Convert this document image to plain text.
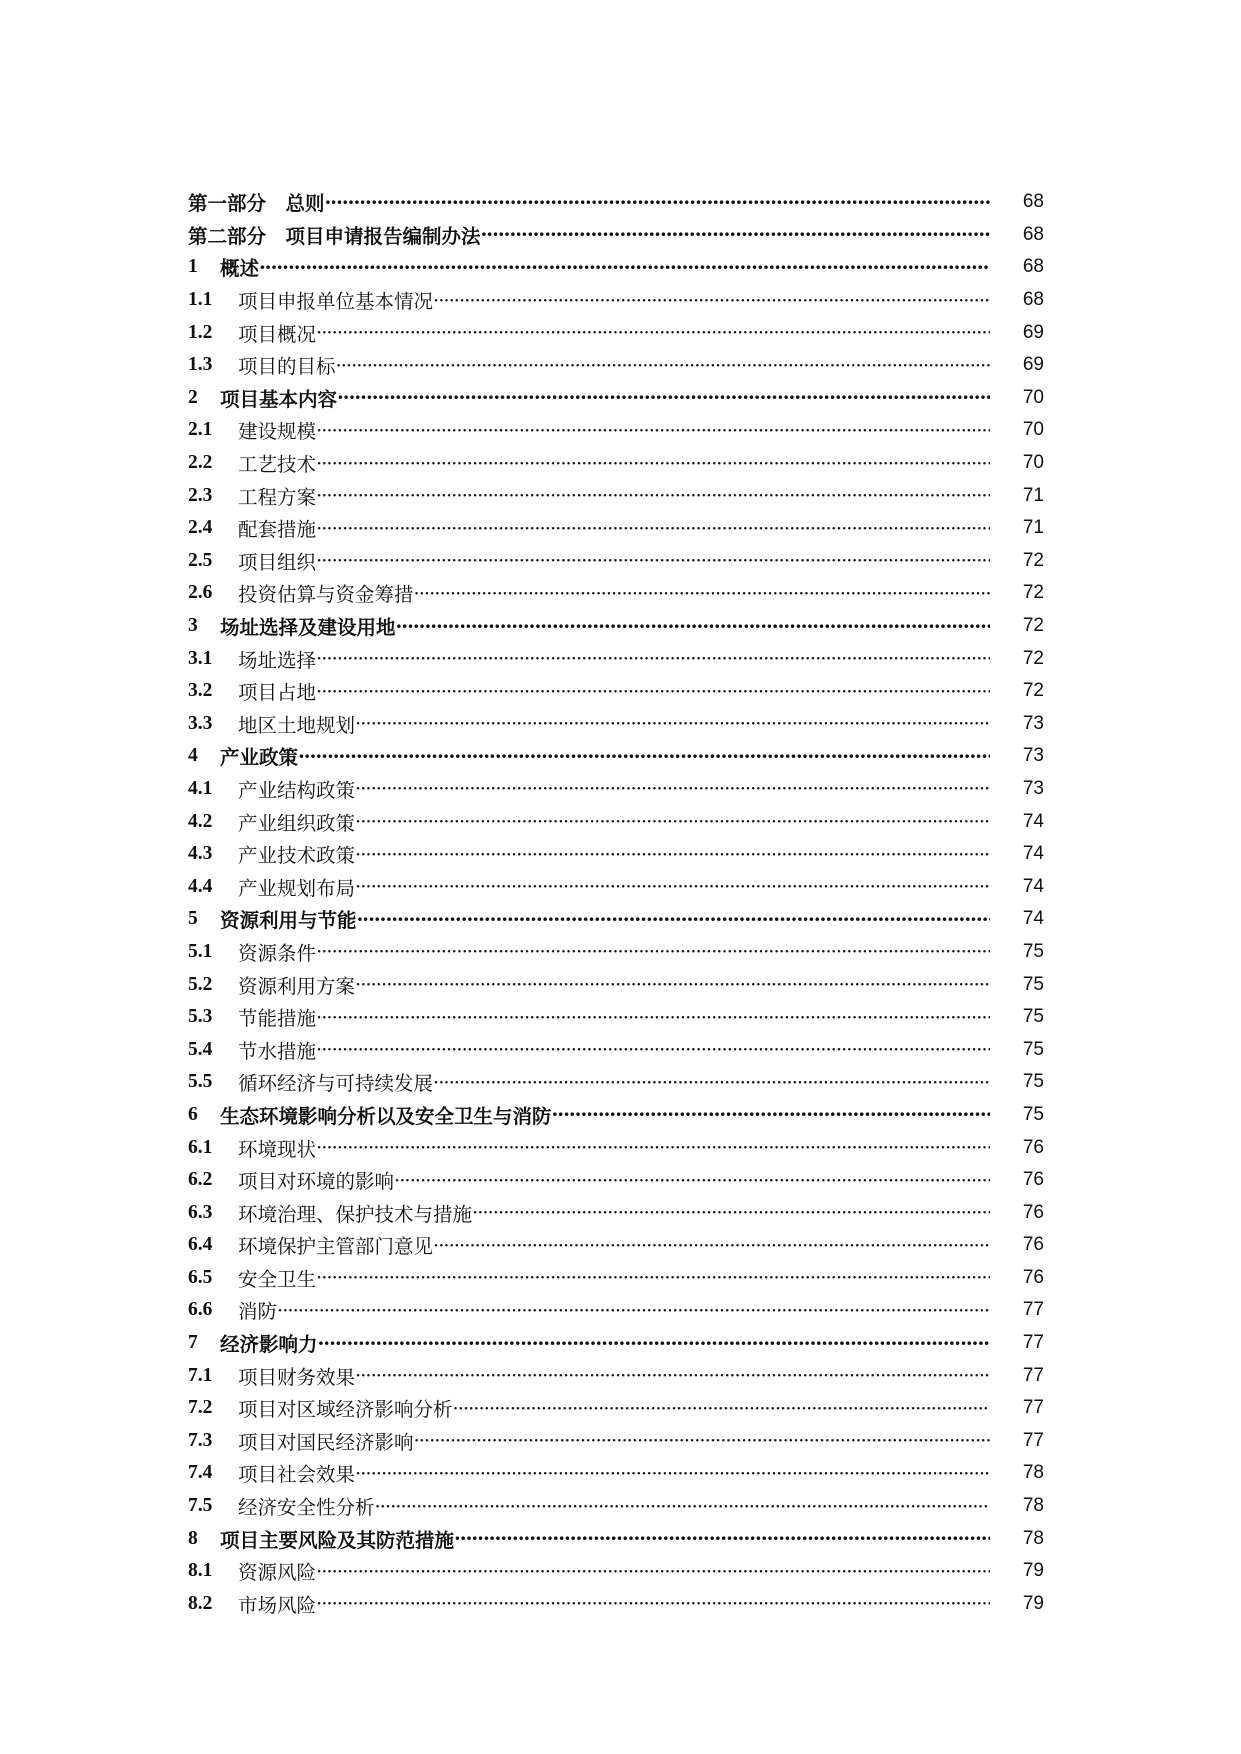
第一部分　总则 ·····	68
第二部分　项目申请报告编制办法 ·····	68
1	概述 ·····	68
1.1	项目申报单位基本情况 ·····	68
1.2	项目概况 ·····	69
1.3	项目的目标 ·····	69
2	项目基本内容 ·····	70
2.1	建设规模 ·····	70
2.2	工艺技术 ·····	70
2.3	工程方案 ·····	71
2.4	配套措施 ·····	71
2.5	项目组织 ·····	72
2.6	投资估算与资金筹措 ·····	72
3	场址选择及建设用地 ·····	72
3.1	场址选择 ·····	72
3.2	项目占地 ·····	72
3.3	地区土地规划 ·····	73
4	产业政策 ·····	73
4.1	产业结构政策 ·····	73
4.2	产业组织政策 ·····	74
4.3	产业技术政策 ·····	74
4.4	产业规划布局 ·····	74
5	资源利用与节能 ·····	74
5.1	资源条件 ·····	75
5.2	资源利用方案 ·····	75
5.3	节能措施 ·····	75
5.4	节水措施 ·····	75
5.5	循环经济与可持续发展 ·····	75
6	生态环境影响分析以及安全卫生与消防 ·····	75
6.1	环境现状 ·····	76
6.2	项目对环境的影响 ·····	76
6.3	环境治理、保护技术与措施 ·····	76
6.4	环境保护主管部门意见 ·····	76
6.5	安全卫生 ·····	76
6.6	消防 ·····	77
7	经济影响力 ·····	77
7.1	项目财务效果 ·····	77
7.2	项目对区域经济影响分析 ·····	77
7.3	项目对国民经济影响 ·····	77
7.4	项目社会效果 ·····	78
7.5	经济安全性分析 ·····	78
8	项目主要风险及其防范措施 ·····	78
8.1	资源风险 ·····	79
8.2	市场风险 ·····	79
